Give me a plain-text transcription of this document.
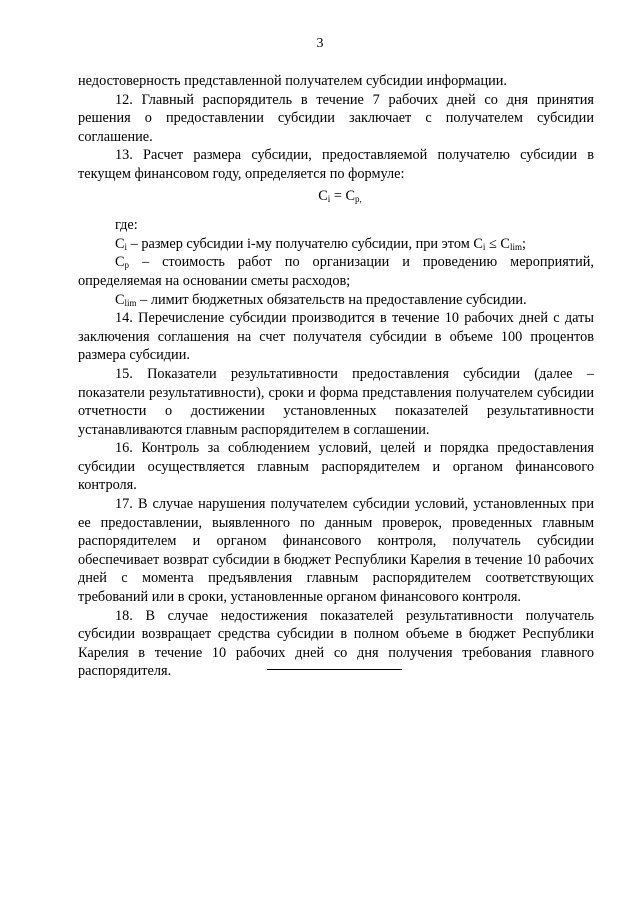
3

недостоверность представленной получателем субсидии информации.

12. Главный распорядитель в течение 7 рабочих дней со дня принятия решения о предоставлении субсидии заключает с получателем субсидии соглашение.

13. Расчет размера субсидии, предоставляемой получателю субсидии в текущем финансовом году, определяется по формуле:

$C_i = C_{p,}$

где:

$C_i$ – размер субсидии i-му получателю субсидии, при этом $C_i \le C_{lim}$;

$C_p$ – стоимость работ по организации и проведению мероприятий, определяемая на основании сметы расходов;

$C_{lim}$ – лимит бюджетных обязательств на предоставление субсидии.

14. Перечисление субсидии производится в течение 10 рабочих дней с даты заключения соглашения на счет получателя субсидии в объеме 100 процентов размера субсидии.

15. Показатели результативности предоставления субсидии (далее – показатели результативности), сроки и форма представления получателем субсидии отчетности о достижении установленных показателей результативности устанавливаются главным распорядителем в соглашении.

16. Контроль за соблюдением условий, целей и порядка предоставления субсидии осуществляется главным распорядителем и органом финансового контроля.

17. В случае нарушения получателем субсидии условий, установленных при ее предоставлении, выявленного по данным проверок, проведенных главным распорядителем и органом финансового контроля, получатель субсидии обеспечивает возврат субсидии в бюджет Республики Карелия в течение 10 рабочих дней с момента предъявления главным распорядителем соответствующих требований или в сроки, установленные органом финансового контроля.

18. В случае недостижения показателей результативности получатель субсидии возвращает средства субсидии в полном объеме в бюджет Республики Карелия в течение 10 рабочих дней со дня получения требования главного распорядителя.
